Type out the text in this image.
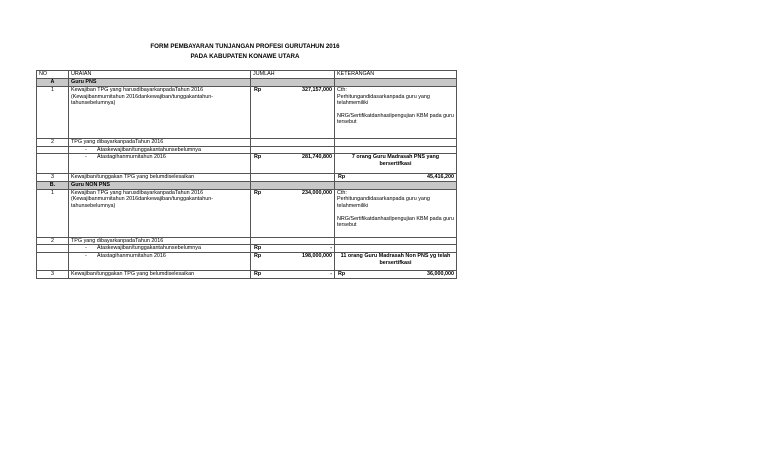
FORM PEMBAYARAN TUNJANGAN PROFESI GURUTAHUN 2016
PADA KABUPATEN KONAWE UTARA
NO	URAIAN	JUMLAH	KETERANGAN
A	Guru PNS		
1	Kewajiban TPG yang harusdibayarkanpadaTahun 2016 (Kewajibanmurnitahun 2016dankewajiban/tunggakantahun-tahunsebelumnya)	Rp 327,157,000	Cth:
Perhitungandidasarkanpada guru yang telahmemiliki
NRG/Sertifikatdanhasilpengujian KBM pada guru tersebut
2	TPG yang dibayarkanpadaTahun 2016		
	- Ataskewajiban/tunggakantahunsebelumnya		
	- Atastagihanmurnitahun 2016	Rp 281,740,800	7 orang Guru Madrasah PNS yang bersertifkasi
3	Kewajiban/tunggakan TPG yang belumdiselesaikan		Rp 45,416,200

B.	Guru NON PNS		
1	Kewajiban TPG yang harusdibayarkanpadaTahun 2016 (Kewajibanmurnitahun 2016dankewajiban/tunggakantahun-tahunsebelumnya)	Rp 234,000,000	Cth:
Perhitungandidasarkanpada guru yang telahmemiliki
NRG/Sertifikatdanhasilpengujian KBM pada guru tersebut
2	TPG yang dibayarkanpadaTahun 2016		
	- Ataskewajiban/tunggakantahunsebelumnya	Rp -	

	- Atastagihanmurnitahun 2016	Rp 198,000,000	11 orang Guru Madrasah Non PNS yg telah bersertifkasi
3	Kewajiban/tunggakan TPG yang belumdiselesaikan	Rp -	Rp 36,000,000
